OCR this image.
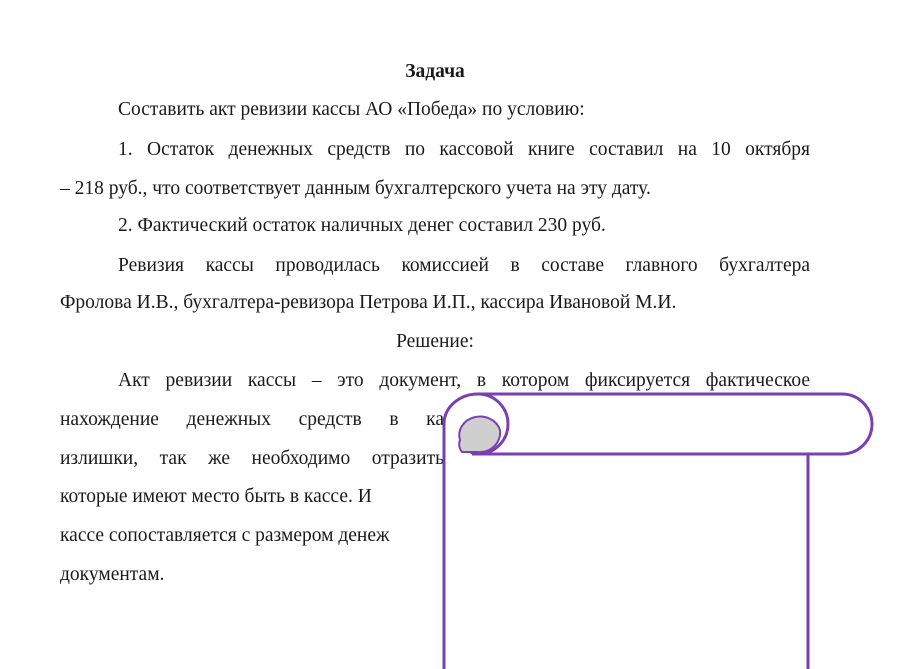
Задача
Составить акт ревизии кассы АО «Победа» по условию:
1. Остаток денежных средств по кассовой книге составил на 10 октября
– 218 руб., что соответствует данным бухгалтерского учета на эту дату.
2. Фактический остаток наличных денег составил 230 руб.
Ревизия кассы проводилась комиссией в составе главного бухгалтера
Фролова И.В., бухгалтера-ревизора Петрова И.П., кассира Ивановой М.И.
Решение:
Акт ревизии кассы – это документ, в котором фиксируется фактическое
нахождение денежных средств в ка
излишки, так же необходимо отразить
которые имеют место быть в кассе. И
кассе сопоставляется с размером денеж
документам.
